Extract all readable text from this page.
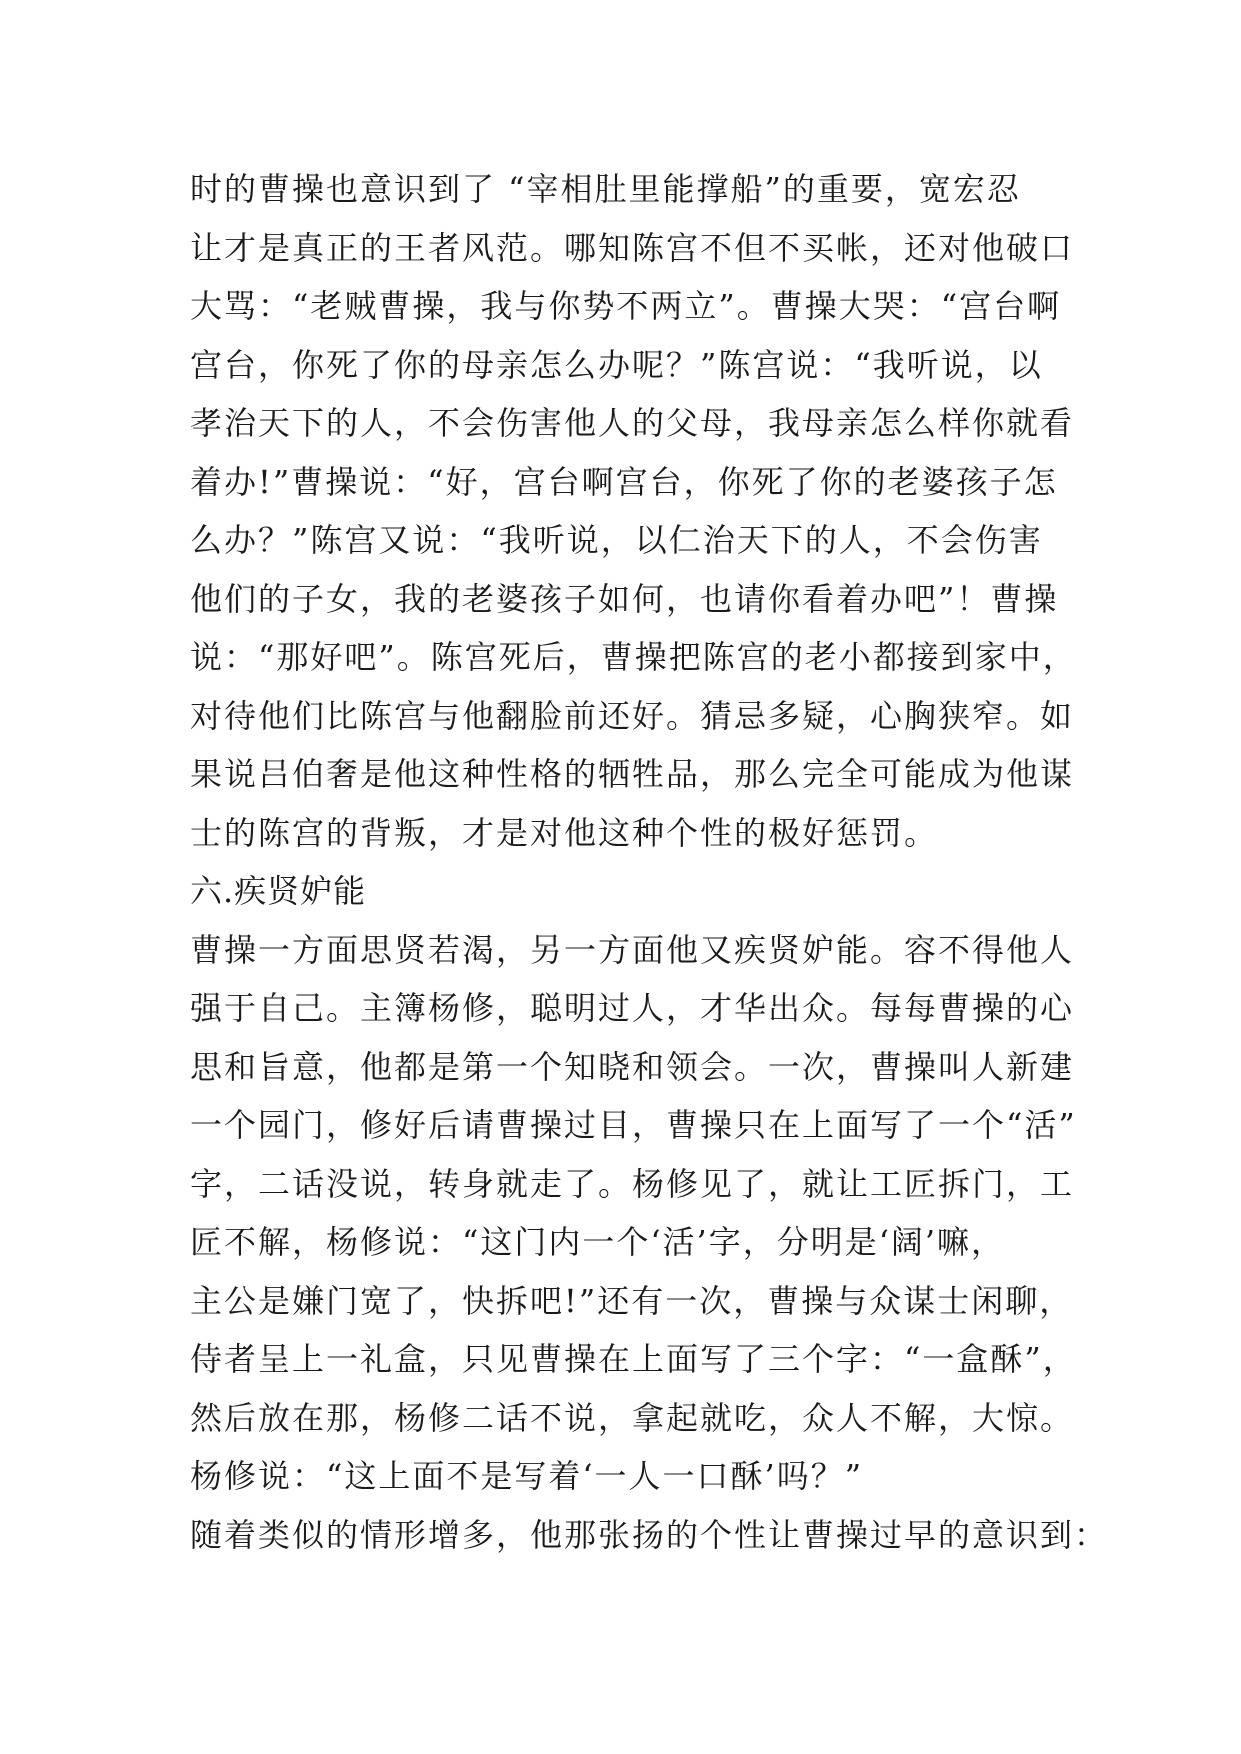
时的曹操也意识到了 “宰相肚里能撑船”的重要，宽宏忍
让才是真正的王者风范。哪知陈宫不但不买帐，还对他破口
大骂：“老贼曹操，我与你势不两立”。曹操大哭：“宫台啊
宫台，你死了你的母亲怎么办呢？”陈宫说：“我听说，以
孝治天下的人，不会伤害他人的父母，我母亲怎么样你就看
着办!”曹操说：“好，宫台啊宫台，你死了你的老婆孩子怎
么办？”陈宫又说：“我听说，以仁治天下的人，不会伤害
他们的子女，我的老婆孩子如何，也请你看着办吧”！曹操
说：“那好吧”。陈宫死后，曹操把陈宫的老小都接到家中，
对待他们比陈宫与他翻脸前还好。猜忌多疑，心胸狭窄。如
果说吕伯奢是他这种性格的牺牲品，那么完全可能成为他谋
士的陈宫的背叛，才是对他这种个性的极好惩罚。
六.疾贤妒能
曹操一方面思贤若渴，另一方面他又疾贤妒能。容不得他人
强于自己。主簿杨修，聪明过人，才华出众。每每曹操的心
思和旨意，他都是第一个知晓和领会。一次，曹操叫人新建
一个园门，修好后请曹操过目，曹操只在上面写了一个“活”
字，二话没说，转身就走了。杨修见了，就让工匠拆门，工
匠不解，杨修说：“这门内一个‘活’字，分明是‘阔’嘛，
主公是嫌门宽了，快拆吧!”还有一次，曹操与众谋士闲聊，
侍者呈上一礼盒，只见曹操在上面写了三个字：“一盒酥”，
然后放在那，杨修二话不说，拿起就吃，众人不解，大惊。
杨修说：“这上面不是写着‘一人一口酥’吗？”
随着类似的情形增多，他那张扬的个性让曹操过早的意识到：
